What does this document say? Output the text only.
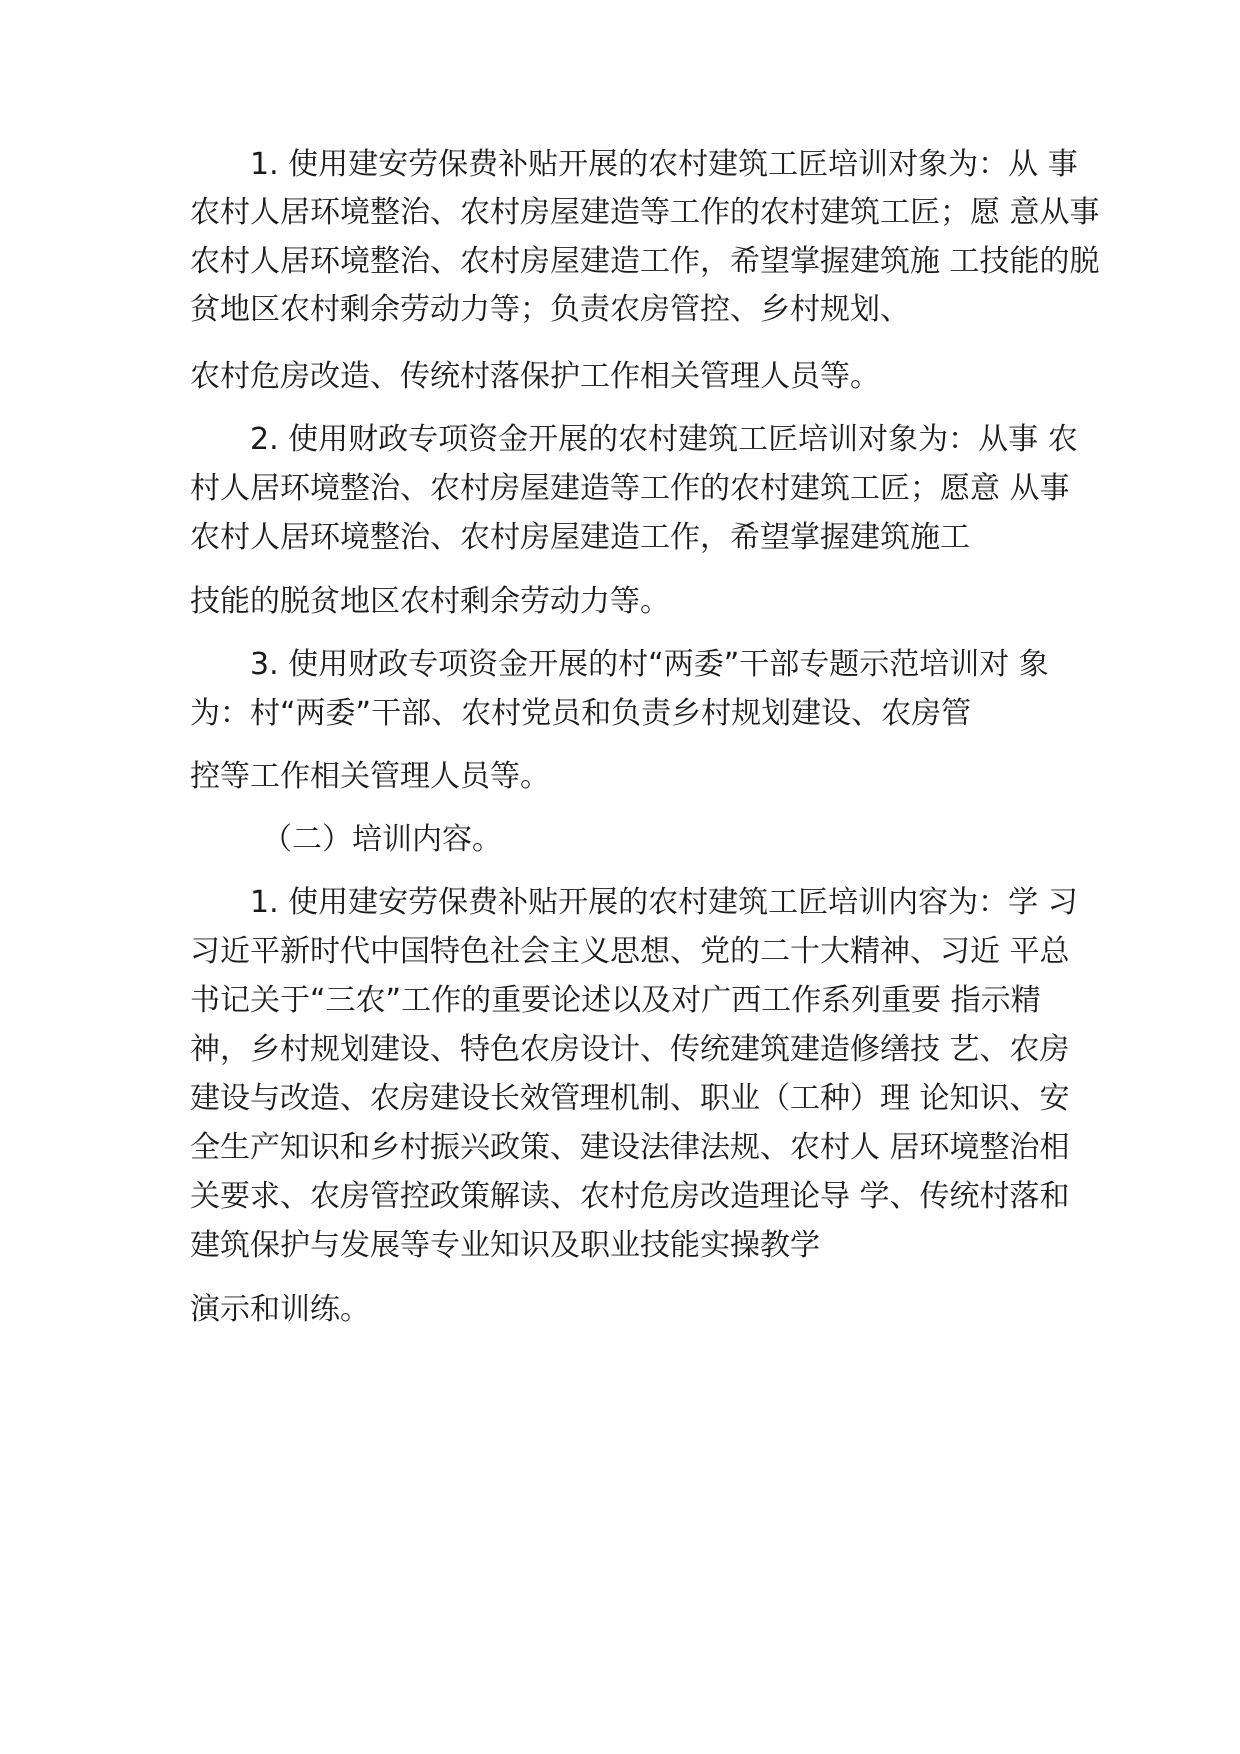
1. 使用建安劳保费补贴开展的农村建筑工匠培训对象为：从 事

农村人居环境整治、农村房屋建造等工作的农村建筑工匠；愿 意从事

农村人居环境整治、农村房屋建造工作，希望掌握建筑施 工技能的脱

贫地区农村剩余劳动力等；负责农房管控、乡村规划、

农村危房改造、传统村落保护工作相关管理人员等。

2. 使用财政专项资金开展的农村建筑工匠培训对象为：从事 农

村人居环境整治、农村房屋建造等工作的农村建筑工匠；愿意 从事

农村人居环境整治、农村房屋建造工作，希望掌握建筑施工

技能的脱贫地区农村剩余劳动力等。

3. 使用财政专项资金开展的村“两委”干部专题示范培训对 象

为：村“两委”干部、农村党员和负责乡村规划建设、农房管

控等工作相关管理人员等。

（二）培训内容。

1. 使用建安劳保费补贴开展的农村建筑工匠培训内容为：学 习

习近平新时代中国特色社会主义思想、党的二十大精神、习近 平总

书记关于“三农”工作的重要论述以及对广西工作系列重要 指示精

神，乡村规划建设、特色农房设计、传统建筑建造修缮技 艺、农房

建设与改造、农房建设长效管理机制、职业（工种）理 论知识、安

全生产知识和乡村振兴政策、建设法律法规、农村人 居环境整治相

关要求、农房管控政策解读、农村危房改造理论导 学、传统村落和

建筑保护与发展等专业知识及职业技能实操教学

演示和训练。
